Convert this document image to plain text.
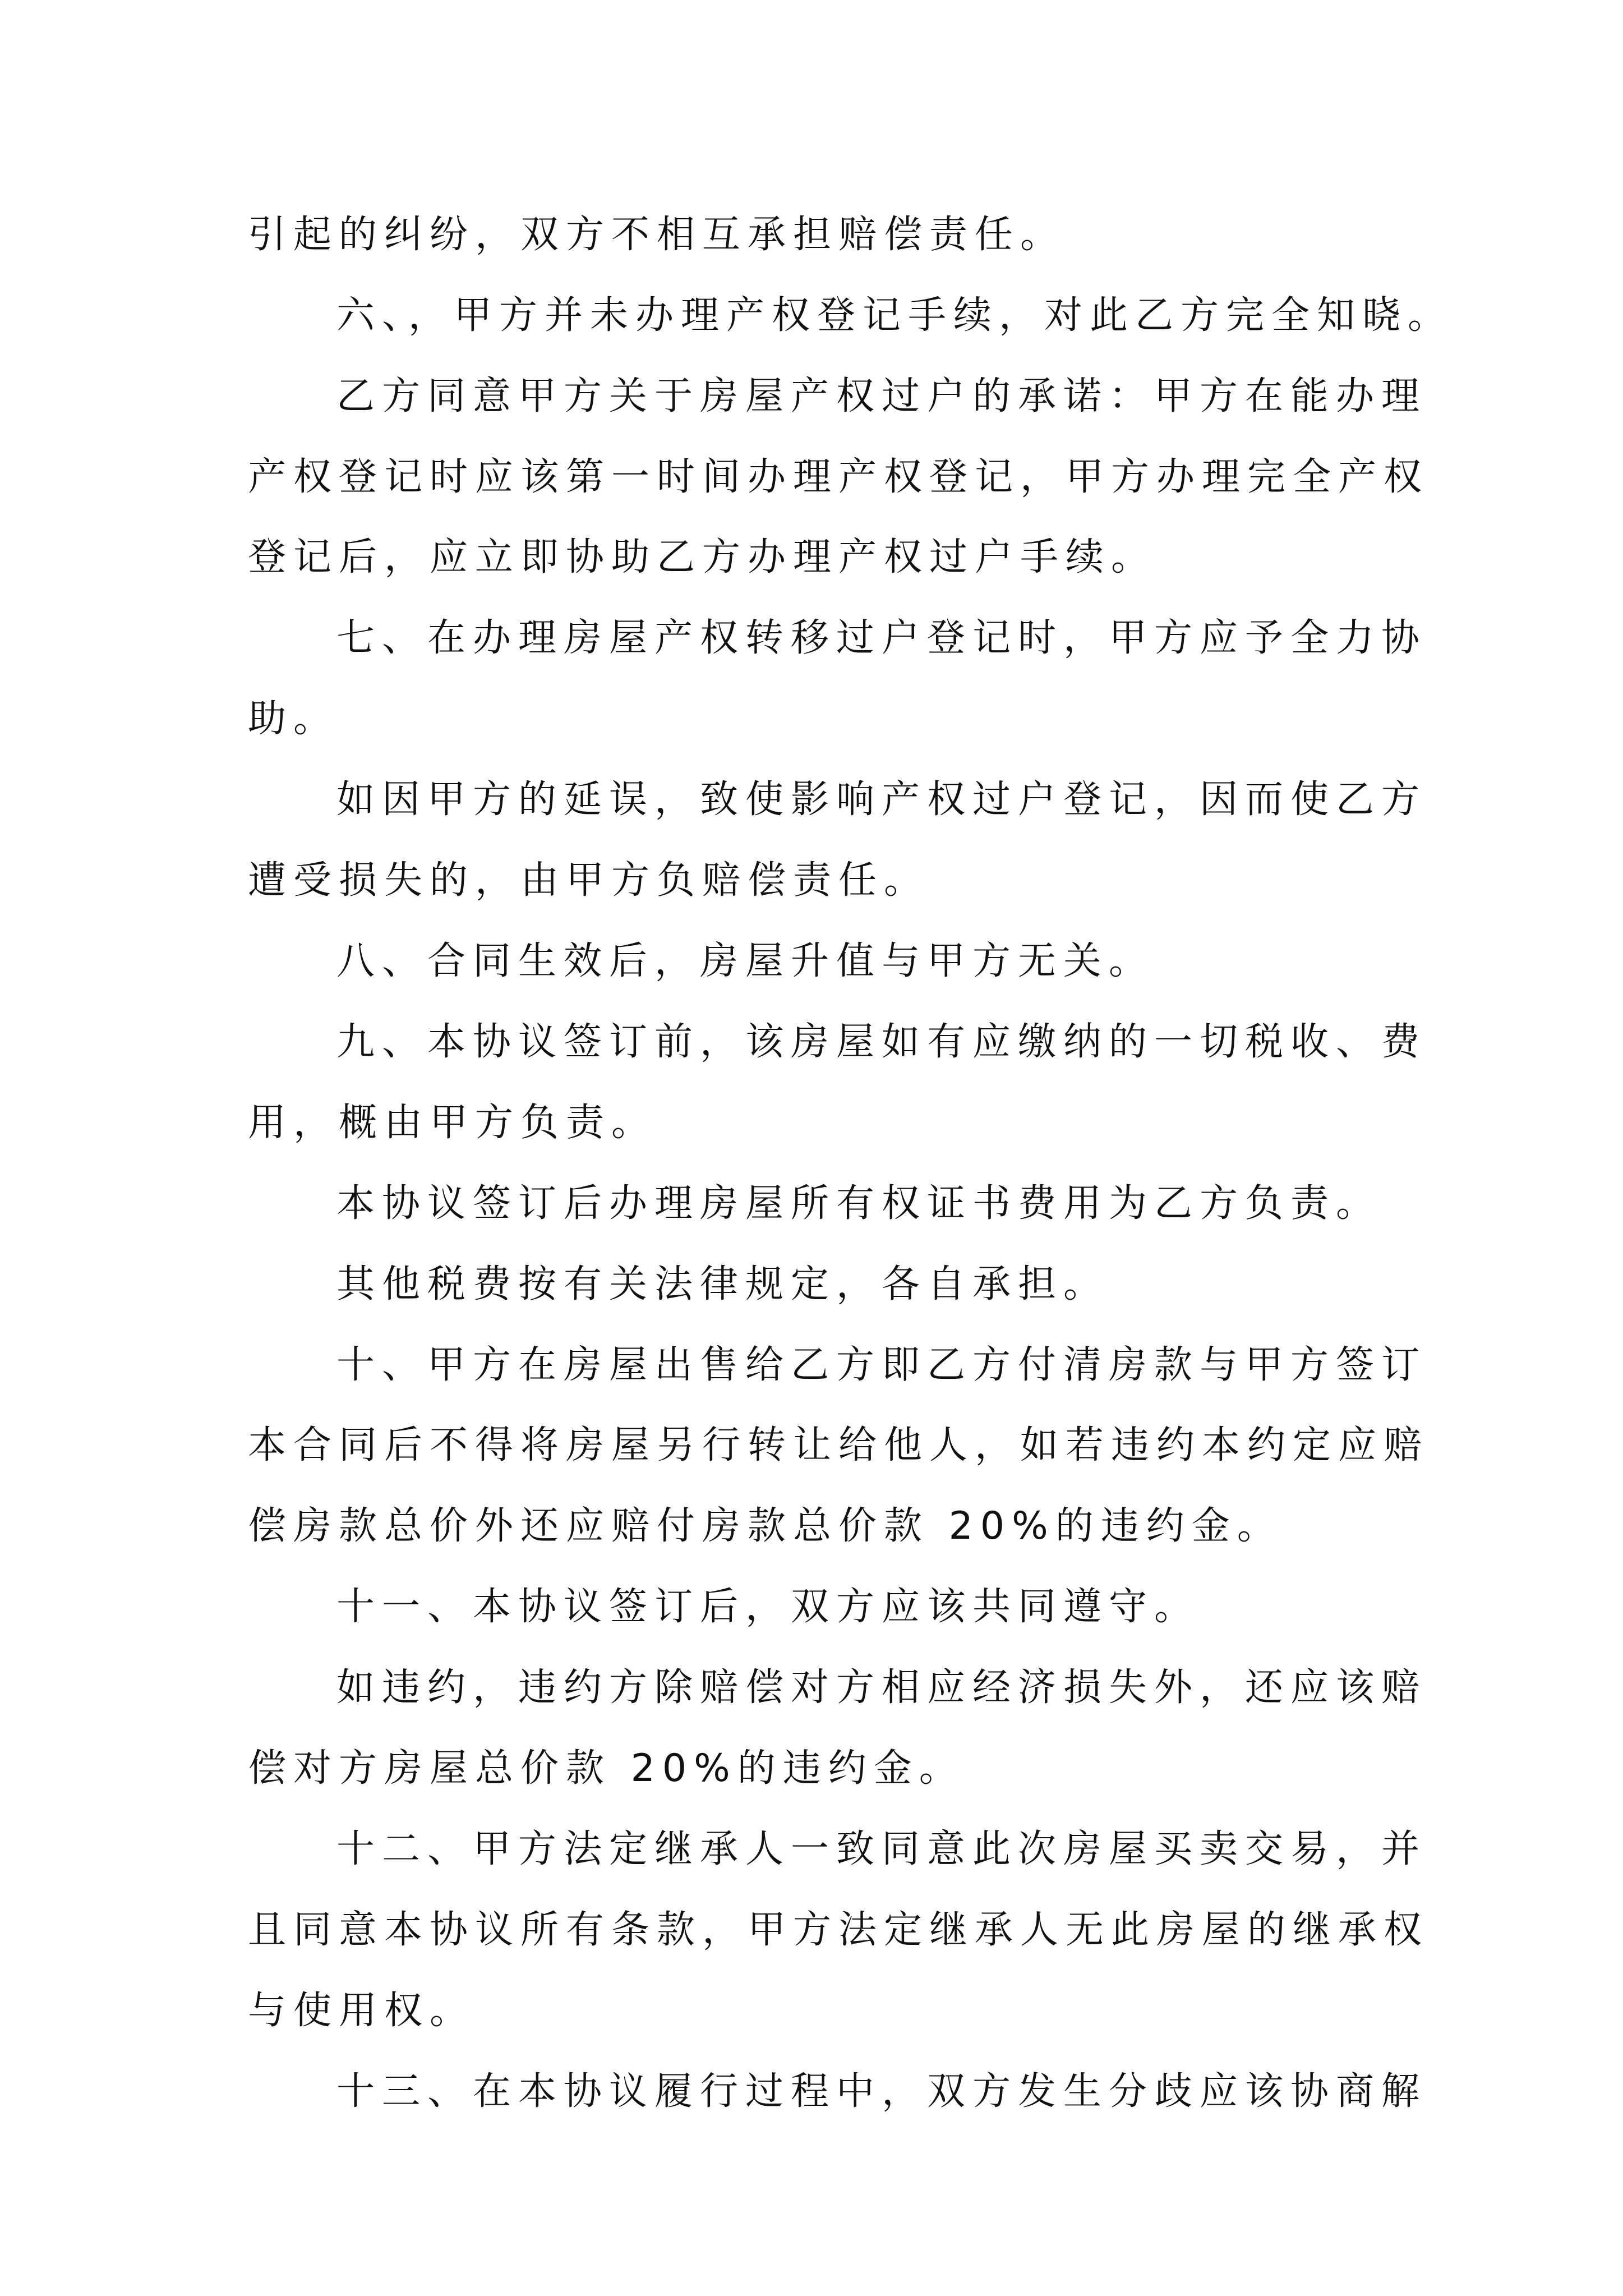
引起的纠纷，双方不相互承担赔偿责任。
六、，甲方并未办理产权登记手续，对此乙方完全知晓。
乙方同意甲方关于房屋产权过户的承诺：甲方在能办理
产权登记时应该第一时间办理产权登记，甲方办理完全产权
登记后，应立即协助乙方办理产权过户手续。
七、在办理房屋产权转移过户登记时，甲方应予全力协
助。
如因甲方的延误，致使影响产权过户登记，因而使乙方
遭受损失的，由甲方负赔偿责任。
八、合同生效后，房屋升值与甲方无关。
九、本协议签订前，该房屋如有应缴纳的一切税收、费
用，概由甲方负责。
本协议签订后办理房屋所有权证书费用为乙方负责。
其他税费按有关法律规定，各自承担。
十、甲方在房屋出售给乙方即乙方付清房款与甲方签订
本合同后不得将房屋另行转让给他人，如若违约本约定应赔
偿房款总价外还应赔付房款总价款 20%的违约金。
十一、本协议签订后，双方应该共同遵守。
如违约，违约方除赔偿对方相应经济损失外，还应该赔
偿对方房屋总价款 20%的违约金。
十二、甲方法定继承人一致同意此次房屋买卖交易，并
且同意本协议所有条款，甲方法定继承人无此房屋的继承权
与使用权。
十三、在本协议履行过程中，双方发生分歧应该协商解
